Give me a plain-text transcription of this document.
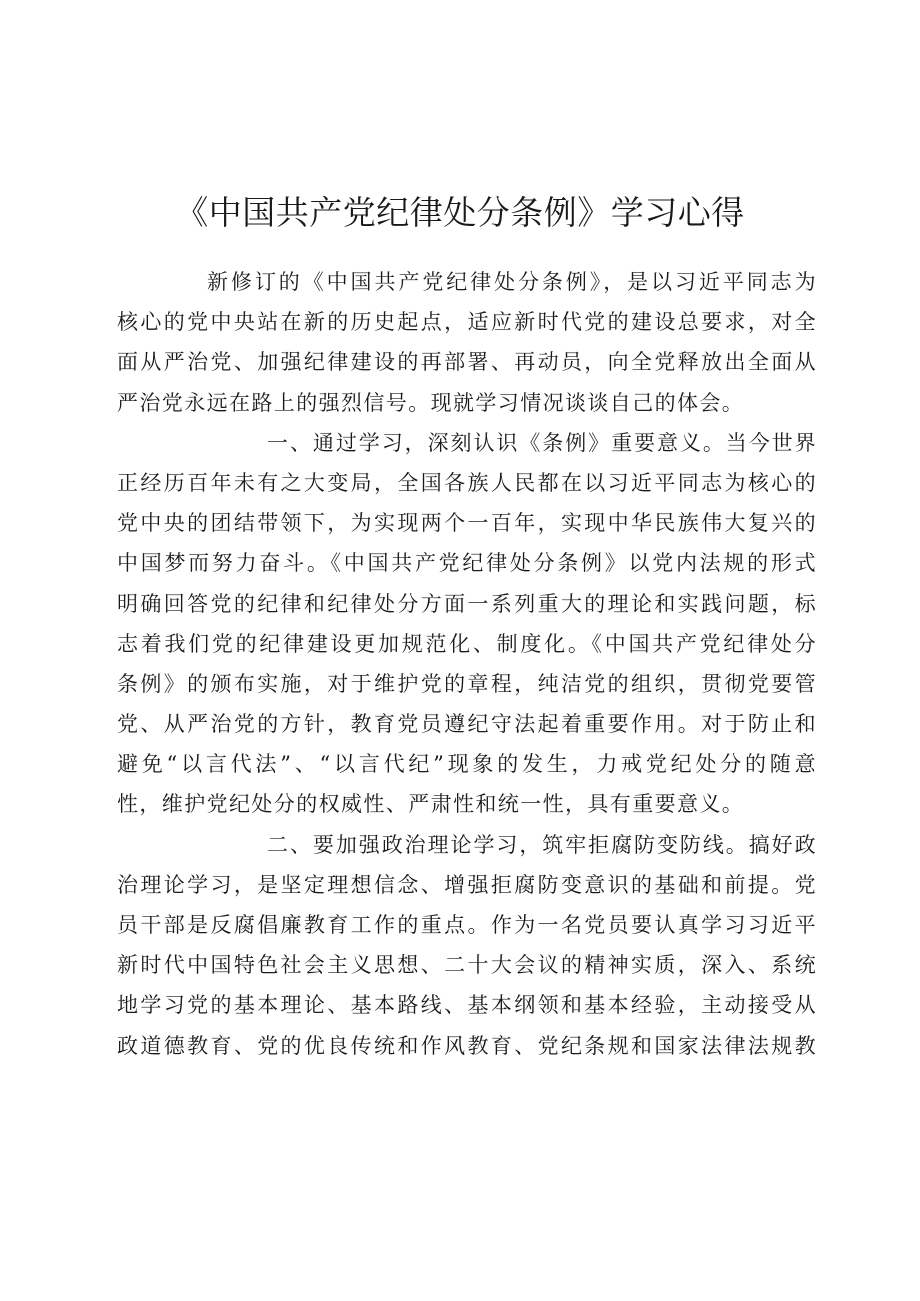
《中国共产党纪律处分条例》学习心得
新修订的《中国共产党纪律处分条例》，是以习近平同志为
核心的党中央站在新的历史起点，适应新时代党的建设总要求，对全
面从严治党、加强纪律建设的再部署、再动员，向全党释放出全面从
严治党永远在路上的强烈信号。现就学习情况谈谈自己的体会。
一、通过学习，深刻认识《条例》重要意义。当今世界
正经历百年未有之大变局，全国各族人民都在以习近平同志为核心的
党中央的团结带领下，为实现两个一百年，实现中华民族伟大复兴的
中国梦而努力奋斗。《中国共产党纪律处分条例》以党内法规的形式
明确回答党的纪律和纪律处分方面一系列重大的理论和实践问题，标
志着我们党的纪律建设更加规范化、制度化。《中国共产党纪律处分
条例》的颁布实施，对于维护党的章程，纯洁党的组织，贯彻党要管
党、从严治党的方针，教育党员遵纪守法起着重要作用。对于防止和
避免“以言代法”、“以言代纪”现象的发生，力戒党纪处分的随意
性，维护党纪处分的权威性、严肃性和统一性，具有重要意义。
二、要加强政治理论学习，筑牢拒腐防变防线。搞好政
治理论学习，是坚定理想信念、增强拒腐防变意识的基础和前提。党
员干部是反腐倡廉教育工作的重点。作为一名党员要认真学习习近平
新时代中国特色社会主义思想、二十大会议的精神实质，深入、系统
地学习党的基本理论、基本路线、基本纲领和基本经验，主动接受从
政道德教育、党的优良传统和作风教育、党纪条规和国家法律法规教
